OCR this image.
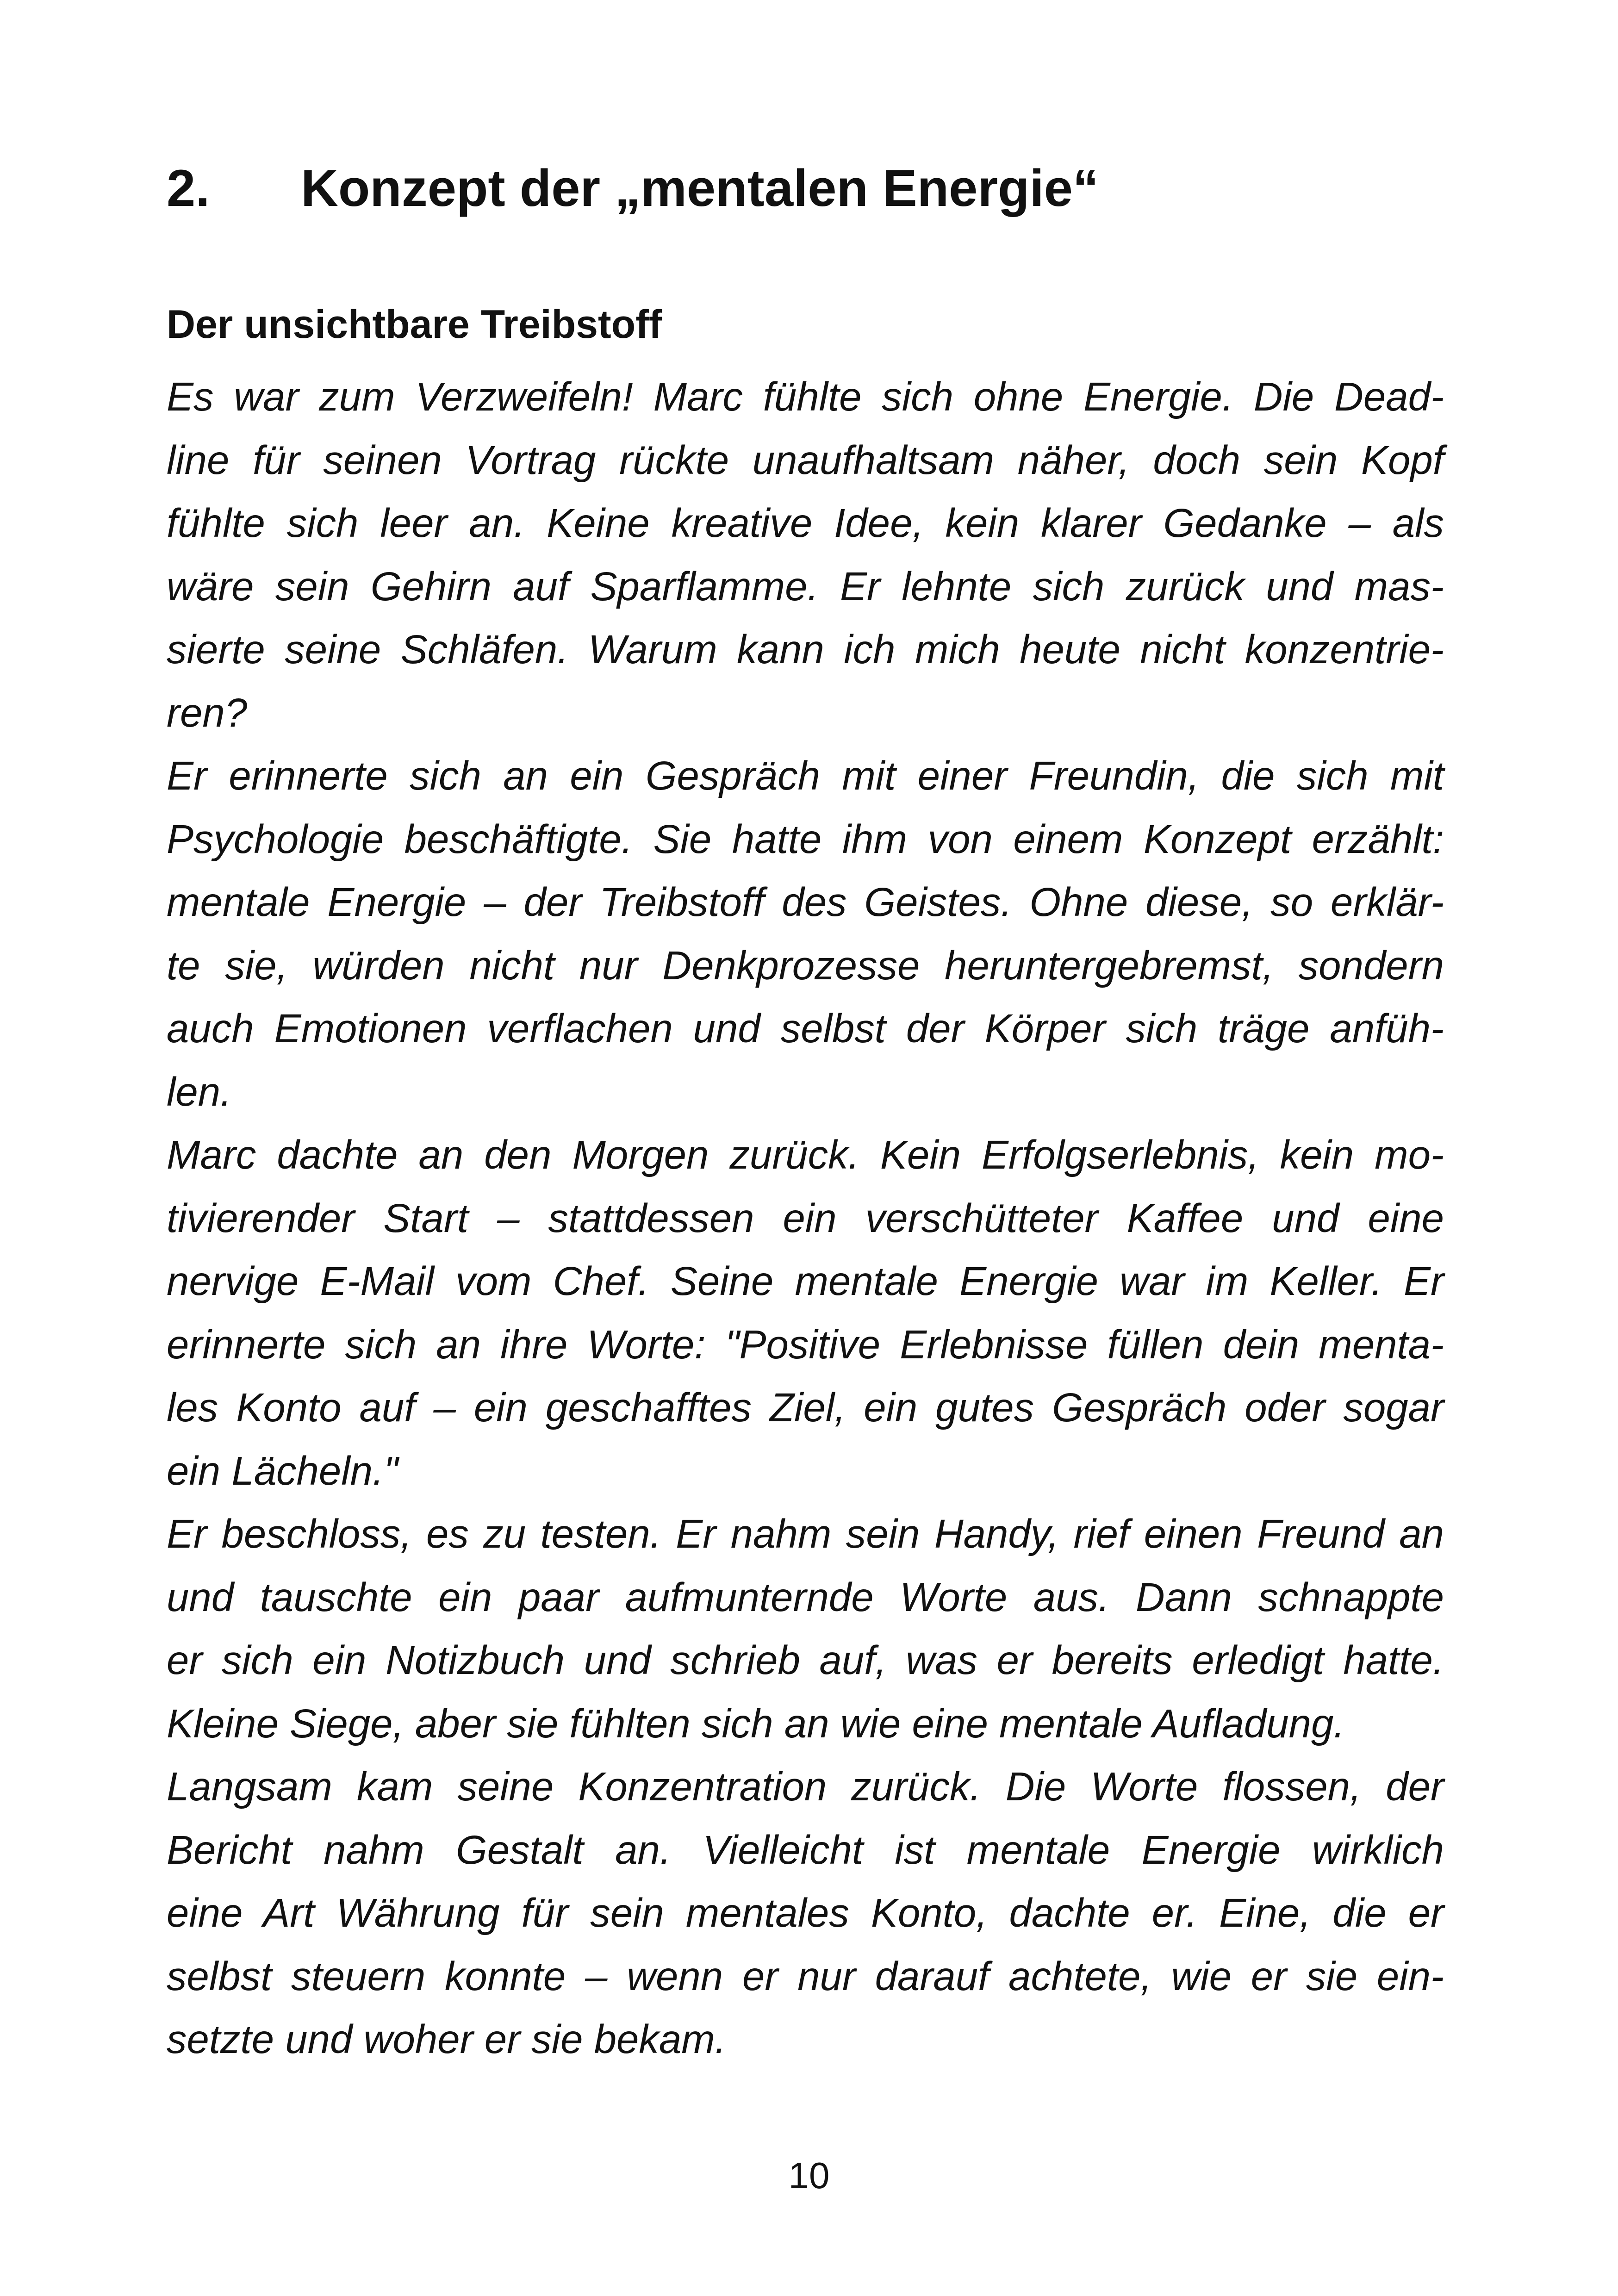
2. Konzept der „mentalen Energie“
Der unsichtbare Treibstoff
Es war zum Verzweifeln! Marc fühlte sich ohne Energie. Die Dead-
line für seinen Vortrag rückte unaufhaltsam näher, doch sein Kopf
fühlte sich leer an. Keine kreative Idee, kein klarer Gedanke – als
wäre sein Gehirn auf Sparflamme. Er lehnte sich zurück und mas-
sierte seine Schläfen. Warum kann ich mich heute nicht konzentrie-
ren?
Er erinnerte sich an ein Gespräch mit einer Freundin, die sich mit
Psychologie beschäftigte. Sie hatte ihm von einem Konzept erzählt:
mentale Energie – der Treibstoff des Geistes. Ohne diese, so erklär-
te sie, würden nicht nur Denkprozesse heruntergebremst, sondern
auch Emotionen verflachen und selbst der Körper sich träge anfüh-
len.
Marc dachte an den Morgen zurück. Kein Erfolgserlebnis, kein mo-
tivierender Start – stattdessen ein verschütteter Kaffee und eine
nervige E-Mail vom Chef. Seine mentale Energie war im Keller. Er
erinnerte sich an ihre Worte: "Positive Erlebnisse füllen dein menta-
les Konto auf – ein geschafftes Ziel, ein gutes Gespräch oder sogar
ein Lächeln."
Er beschloss, es zu testen. Er nahm sein Handy, rief einen Freund an
und tauschte ein paar aufmunternde Worte aus. Dann schnappte
er sich ein Notizbuch und schrieb auf, was er bereits erledigt hatte.
Kleine Siege, aber sie fühlten sich an wie eine mentale Aufladung.
Langsam kam seine Konzentration zurück. Die Worte flossen, der
Bericht nahm Gestalt an. Vielleicht ist mentale Energie wirklich
eine Art Währung für sein mentales Konto, dachte er. Eine, die er
selbst steuern konnte – wenn er nur darauf achtete, wie er sie ein-
setzte und woher er sie bekam.
10
